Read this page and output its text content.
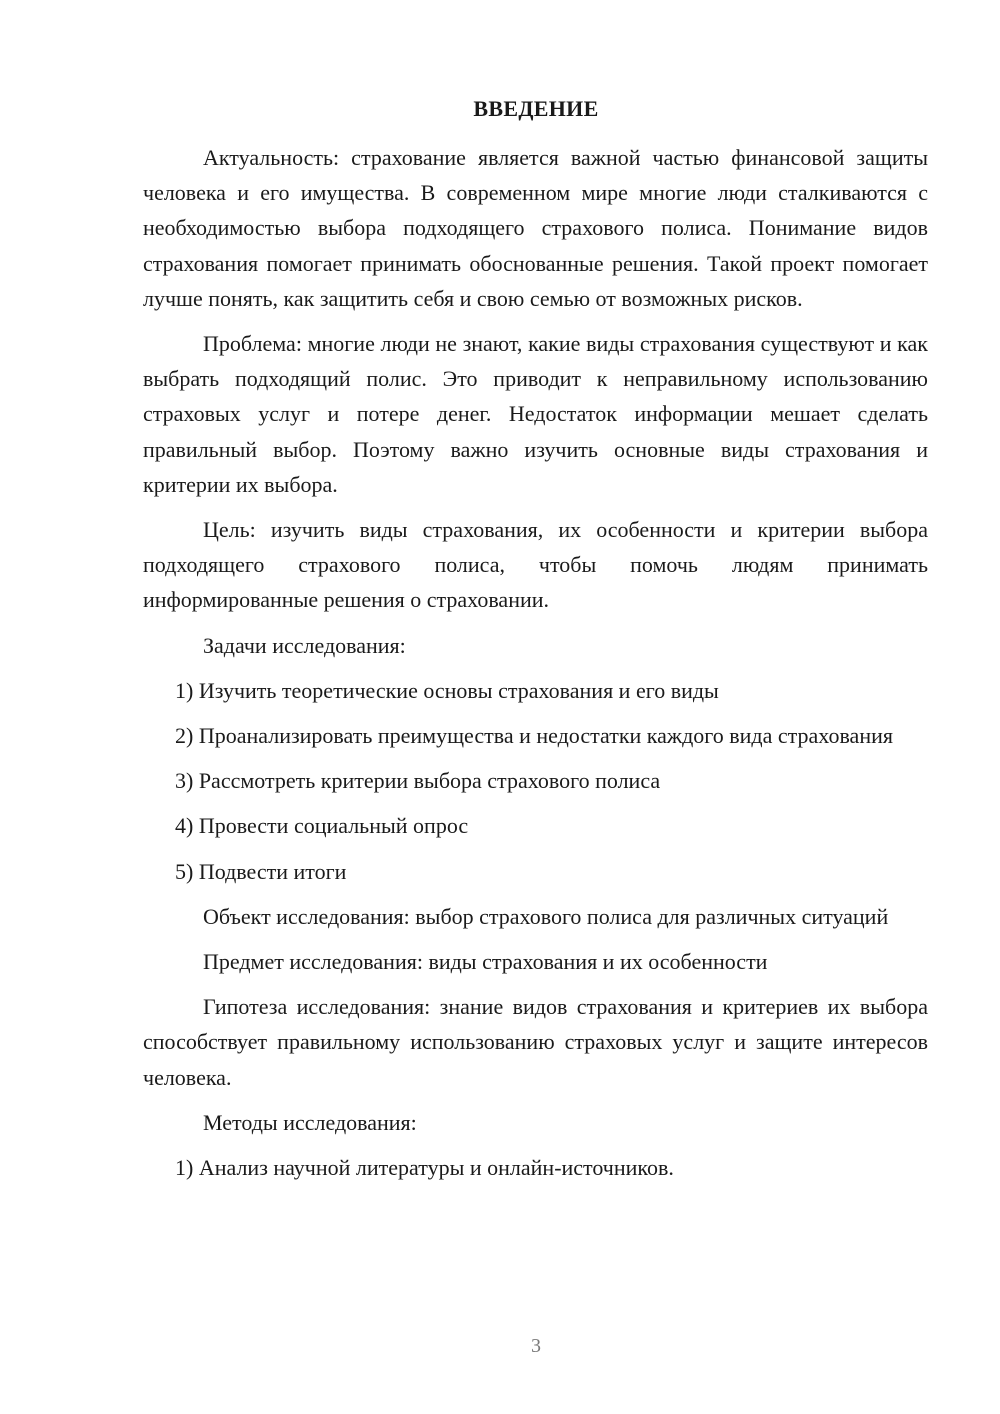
ВВЕДЕНИЕ

Актуальность: страхование является важной частью финансовой защиты человека и его имущества. В современном мире многие люди сталкиваются с необходимостью выбора подходящего страхового полиса. Понимание видов страхования помогает принимать обоснованные решения. Такой проект помогает лучше понять, как защитить себя и свою семью от возможных рисков.

Проблема: многие люди не знают, какие виды страхования существуют и как выбрать подходящий полис. Это приводит к неправильному использованию страховых услуг и потере денег. Недостаток информации мешает сделать правильный выбор. Поэтому важно изучить основные виды страхования и критерии их выбора.

Цель: изучить виды страхования, их особенности и критерии выбора подходящего страхового полиса, чтобы помочь людям принимать информированные решения о страховании.

Задачи исследования:

1) Изучить теоретические основы страхования и его виды

2) Проанализировать преимущества и недостатки каждого вида страхования

3) Рассмотреть критерии выбора страхового полиса

4) Провести социальный опрос

5) Подвести итоги

Объект исследования: выбор страхового полиса для различных ситуаций

Предмет исследования: виды страхования и их особенности

Гипотеза исследования: знание видов страхования и критериев их выбора способствует правильному использованию страховых услуг и защите интересов человека.

Методы исследования:

1) Анализ научной литературы и онлайн-источников.

3
